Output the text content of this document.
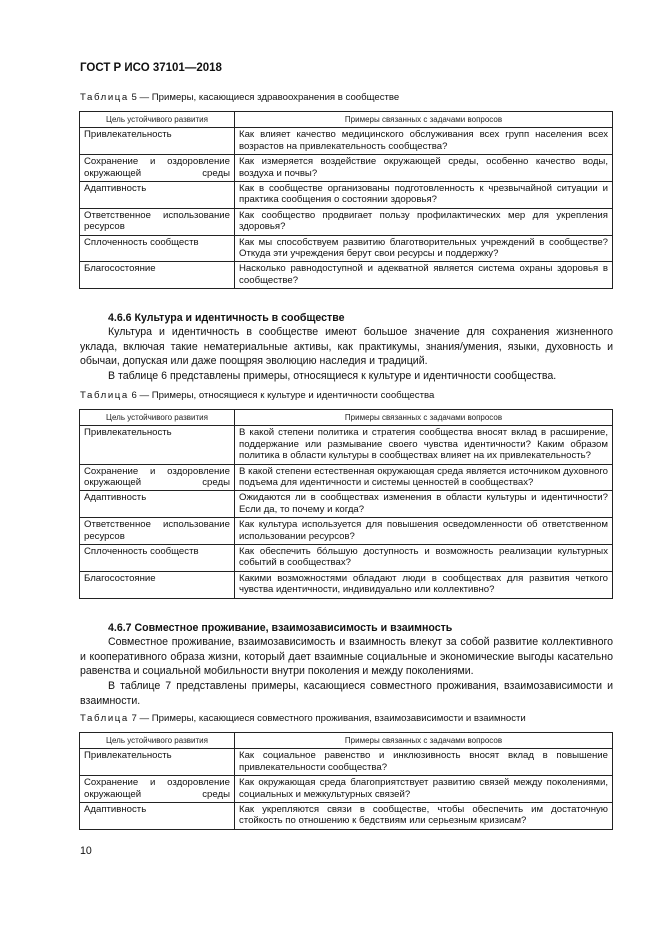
ГОСТ Р ИСО 37101—2018
Таблица 5 — Примеры, касающиеся здравоохранения в сообществе
Цель устойчивого развития	Примеры связанных с задачами вопросов
Привлекательность	Как влияет качество медицинского обслуживания всех групп населения всех возрастов на привлекательность сообщества?
Сохранение и оздоровление окружающей среды	Как измеряется воздействие окружающей среды, особенно качество воды, воздуха и почвы?
Адаптивность	Как в сообществе организованы подготовленность к чрезвычайной ситуации и практика сообщения о состоянии здоровья?
Ответственное использование ресурсов	Как сообщество продвигает пользу профилактических мер для укрепления здоровья?
Сплоченность сообществ	Как мы способствуем развитию благотворительных учреждений в сообществе? Откуда эти учреждения берут свои ресурсы и поддержку?
Благосостояние	Насколько равнодоступной и адекватной является система охраны здоровья в сообществе?
4.6.6 Культура и идентичность в сообществе
Культура и идентичность в сообществе имеют большое значение для сохранения жизненного уклада, включая такие нематериальные активы, как практикумы, знания/умения, языки, духовность и обычаи, допуская или даже поощряя эволюцию наследия и традиций.
В таблице 6 представлены примеры, относящиеся к культуре и идентичности сообщества.
Таблица 6 — Примеры, относящиеся к культуре и идентичности сообщества
Цель устойчивого развития	Примеры связанных с задачами вопросов
Привлекательность	В какой степени политика и стратегия сообщества вносят вклад в расширение, поддержание или размывание своего чувства идентичности? Каким образом политика в области культуры в сообществах влияет на их привлекательность?
Сохранение и оздоровление окружающей среды	В какой степени естественная окружающая среда является источником духовного подъема для идентичности и системы ценностей в сообществах?
Адаптивность	Ожидаются ли в сообществах изменения в области культуры и идентичности? Если да, то почему и когда?
Ответственное использование ресурсов	Как культура используется для повышения осведомленности об ответственном использовании ресурсов?
Сплоченность сообществ	Как обеспечить бо́льшую доступность и возможность реализации культурных событий в сообществах?
Благосостояние	Какими возможностями обладают люди в сообществах для развития четкого чувства идентичности, индивидуально или коллективно?
4.6.7 Совместное проживание, взаимозависимость и взаимность
Совместное проживание, взаимозависимость и взаимность влекут за собой развитие коллективного и кооперативного образа жизни, который дает взаимные социальные и экономические выгоды касательно равенства и социальной мобильности внутри поколения и между поколениями.
В таблице 7 представлены примеры, касающиеся совместного проживания, взаимозависимости и взаимности.
Таблица 7 — Примеры, касающиеся совместного проживания, взаимозависимости и взаимности
Цель устойчивого развития	Примеры связанных с задачами вопросов
Привлекательность	Как социальное равенство и инклюзивность вносят вклад в повышение привлекательности сообщества?
Сохранение и оздоровление окружающей среды	Как окружающая среда благоприятствует развитию связей между поколениями, социальных и межкультурных связей?
Адаптивность	Как укрепляются связи в сообществе, чтобы обеспечить им достаточную стойкость по отношению к бедствиям или серьезным кризисам?
10
